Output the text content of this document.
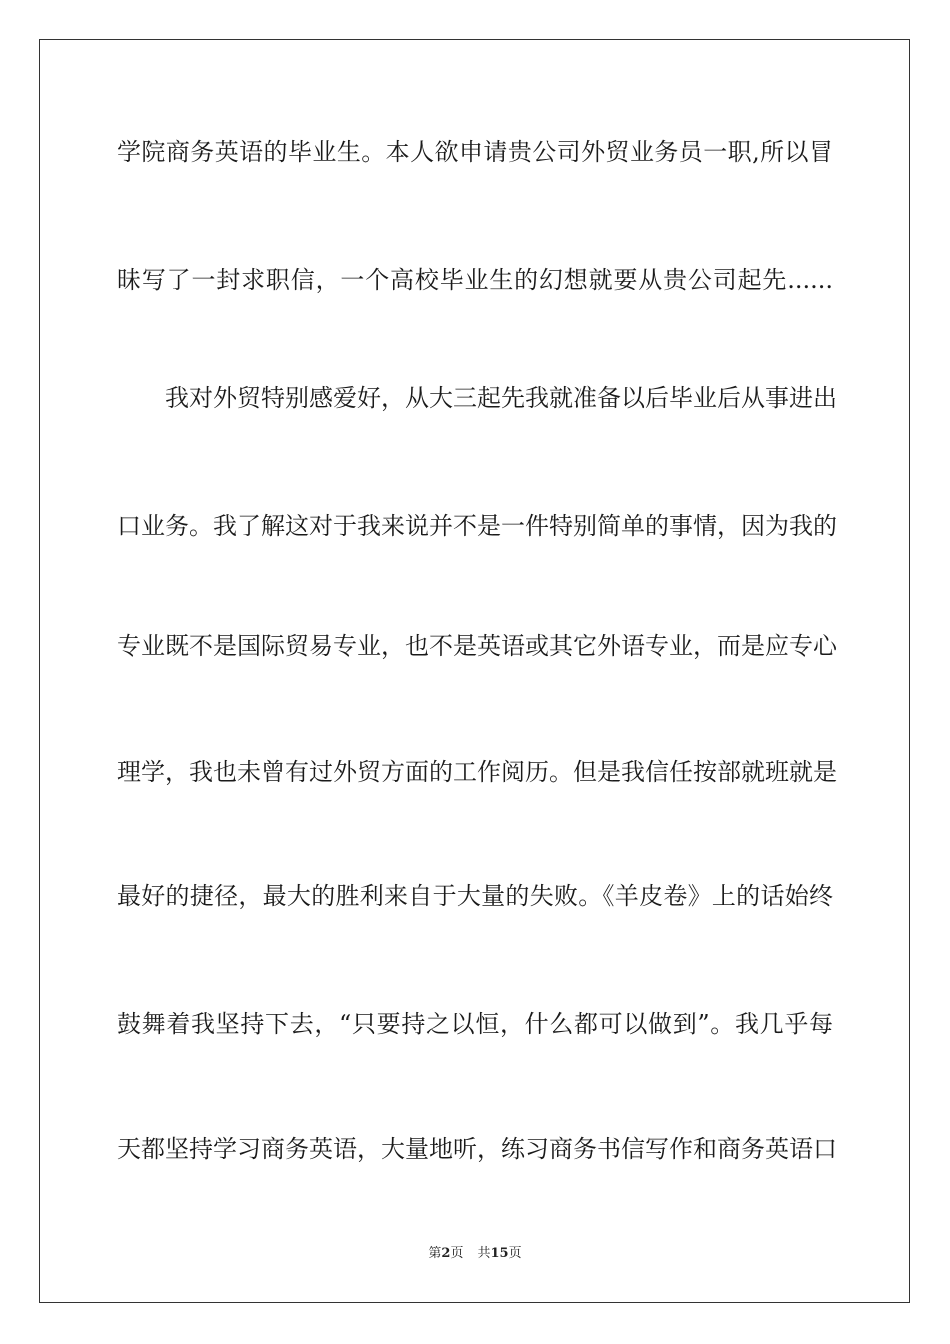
学院商务英语的毕业生。本人欲申请贵公司外贸业务员一职,所以冒
昧写了一封求职信，一个高校毕业生的幻想就要从贵公司起先......
我对外贸特别感爱好，从大三起先我就准备以后毕业后从事进出
口业务。我了解这对于我来说并不是一件特别简单的事情，因为我的
专业既不是国际贸易专业，也不是英语或其它外语专业，而是应专心
理学，我也未曾有过外贸方面的工作阅历。但是我信任按部就班就是
最好的捷径，最大的胜利来自于大量的失败。《羊皮卷》上的话始终
鼓舞着我坚持下去，“只要持之以恒，什么都可以做到”。我几乎每
天都坚持学习商务英语，大量地听，练习商务书信写作和商务英语口
第2页 共15页
